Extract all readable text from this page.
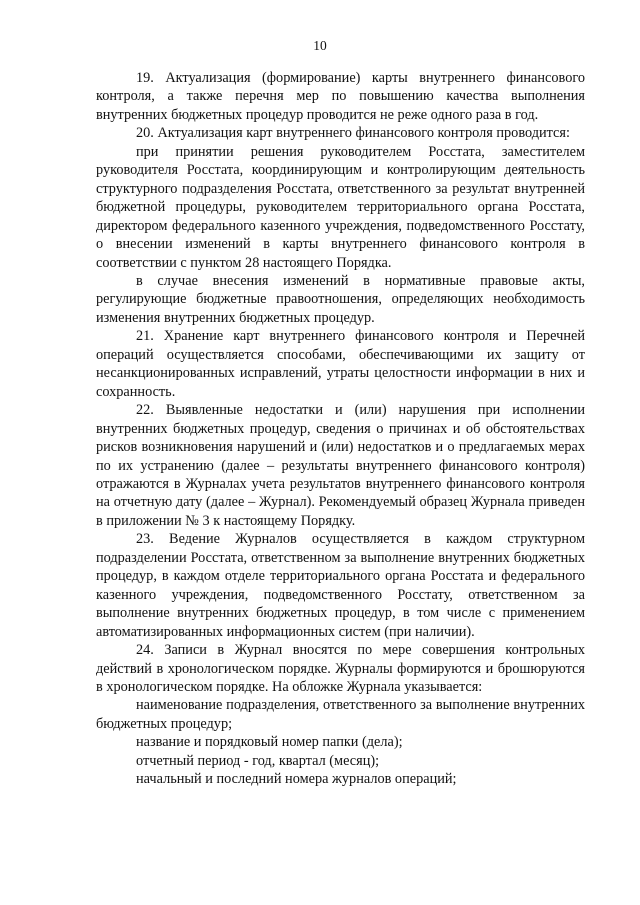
10

19. Актуализация (формирование) карты внутреннего финансового контроля, а также перечня мер по повышению качества выполнения внутренних бюджетных процедур проводится не реже одного раза в год.

20. Актуализация карт внутреннего финансового контроля проводится:

при принятии решения руководителем Росстата, заместителем руководителя Росстата, координирующим и контролирующим деятельность структурного подразделения Росстата, ответственного за результат внутренней бюджетной процедуры, руководителем территориального органа Росстата, директором федерального казенного учреждения, подведомственного Росстату, о внесении изменений в карты внутреннего финансового контроля в соответствии с пунктом 28 настоящего Порядка.

в случае внесения изменений в нормативные правовые акты, регулирующие бюджетные правоотношения, определяющих необходимость изменения внутренних бюджетных процедур.

21. Хранение карт внутреннего финансового контроля и Перечней операций осуществляется способами, обеспечивающими их защиту от несанкционированных исправлений, утраты целостности информации в них и сохранность.

22. Выявленные недостатки и (или) нарушения при исполнении внутренних бюджетных процедур, сведения о причинах и об обстоятельствах рисков возникновения нарушений и (или) недостатков и о предлагаемых мерах по их устранению (далее – результаты внутреннего финансового контроля) отражаются в Журналах учета результатов внутреннего финансового контроля на отчетную дату (далее – Журнал). Рекомендуемый образец Журнала приведен в приложении № 3 к настоящему Порядку.

23. Ведение Журналов осуществляется в каждом структурном подразделении Росстата, ответственном за выполнение внутренних бюджетных процедур, в каждом отделе территориального органа Росстата и федерального казенного учреждения, подведомственного Росстату, ответственном за выполнение внутренних бюджетных процедур, в том числе с применением автоматизированных информационных систем (при наличии).

24. Записи в Журнал вносятся по мере совершения контрольных действий в хронологическом порядке. Журналы формируются и брошюруются в хронологическом порядке. На обложке Журнала указывается:

наименование подразделения, ответственного за выполнение внутренних бюджетных процедур;

название и порядковый номер папки (дела);

отчетный период - год, квартал (месяц);

начальный и последний номера журналов операций;
